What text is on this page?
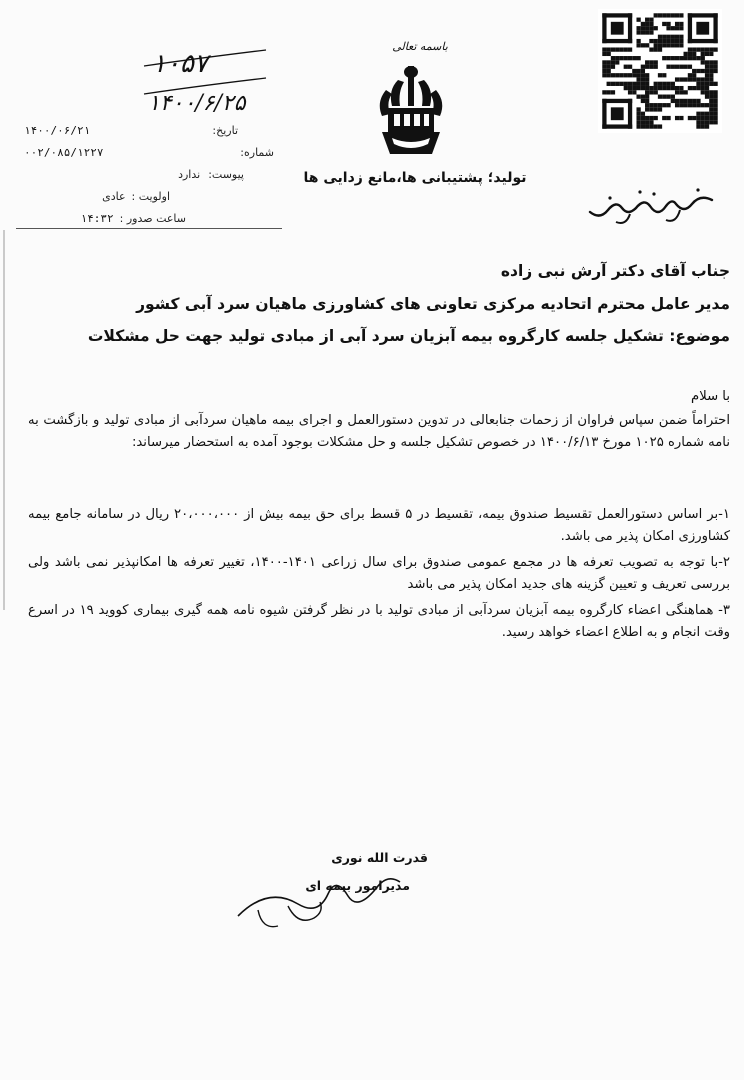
باسمه تعالی
تولید؛ پشتیبانی ها،مانع زدایی ها
صندوق بیمه کشاورزی
۱۰۵۷
۱۴۰۰/۶/۲۵
تاریخ:
۱۴۰۰/۰۶/۲۱
شماره:
۰۰۲/۰۸۵/۱۲۲۷
پیوست:
ندارد
اولویت :
عادی
ساعت صدور :
۱۴:۳۲
جناب آقای دکتر آرش نبی زاده
مدیر عامل محترم اتحادیه مرکزی تعاونی های کشاورزی ماهیان سرد آبی کشور
موضوع: تشکیل جلسه کارگروه بیمه آبزیان سرد آبی از مبادی تولید جهت حل مشکلات
با سلام
احتراماً ضمن سپاس فراوان از زحمات جنابعالی در تدوین دستورالعمل و اجرای بیمه ماهیان سردآبی از مبادی تولید و بازگشت به نامه شماره ۱۰۲۵ مورخ ۱۴۰۰/۶/۱۳ در خصوص تشکیل جلسه و حل مشکلات بوجود آمده به استحضار میرساند:

۱-بر اساس دستورالعمل تقسیط صندوق بیمه، تقسیط در ۵ قسط برای حق بیمه بیش از ۲۰،۰۰۰،۰۰۰ ریال در سامانه جامع بیمه کشاورزی امکان پذیر می باشد.

۲-با توجه به تصویب تعرفه ها در مجمع عمومی صندوق برای سال زراعی ۱۴۰۱-۱۴۰۰، تغییر تعرفه ها امکانپذیر نمی باشد ولی بررسی تعریف و تعیین گزینه های جدید امکان پذیر می باشد

۳- هماهنگی اعضاء کارگروه بیمه آبزیان سردآبی از مبادی تولید با در نظر گرفتن شیوه نامه همه گیری بیماری کووید ۱۹ در اسرع وقت انجام و به اطلاع اعضاء خواهد رسید.

قدرت الله نوری
مدیرامور بیمه ای
